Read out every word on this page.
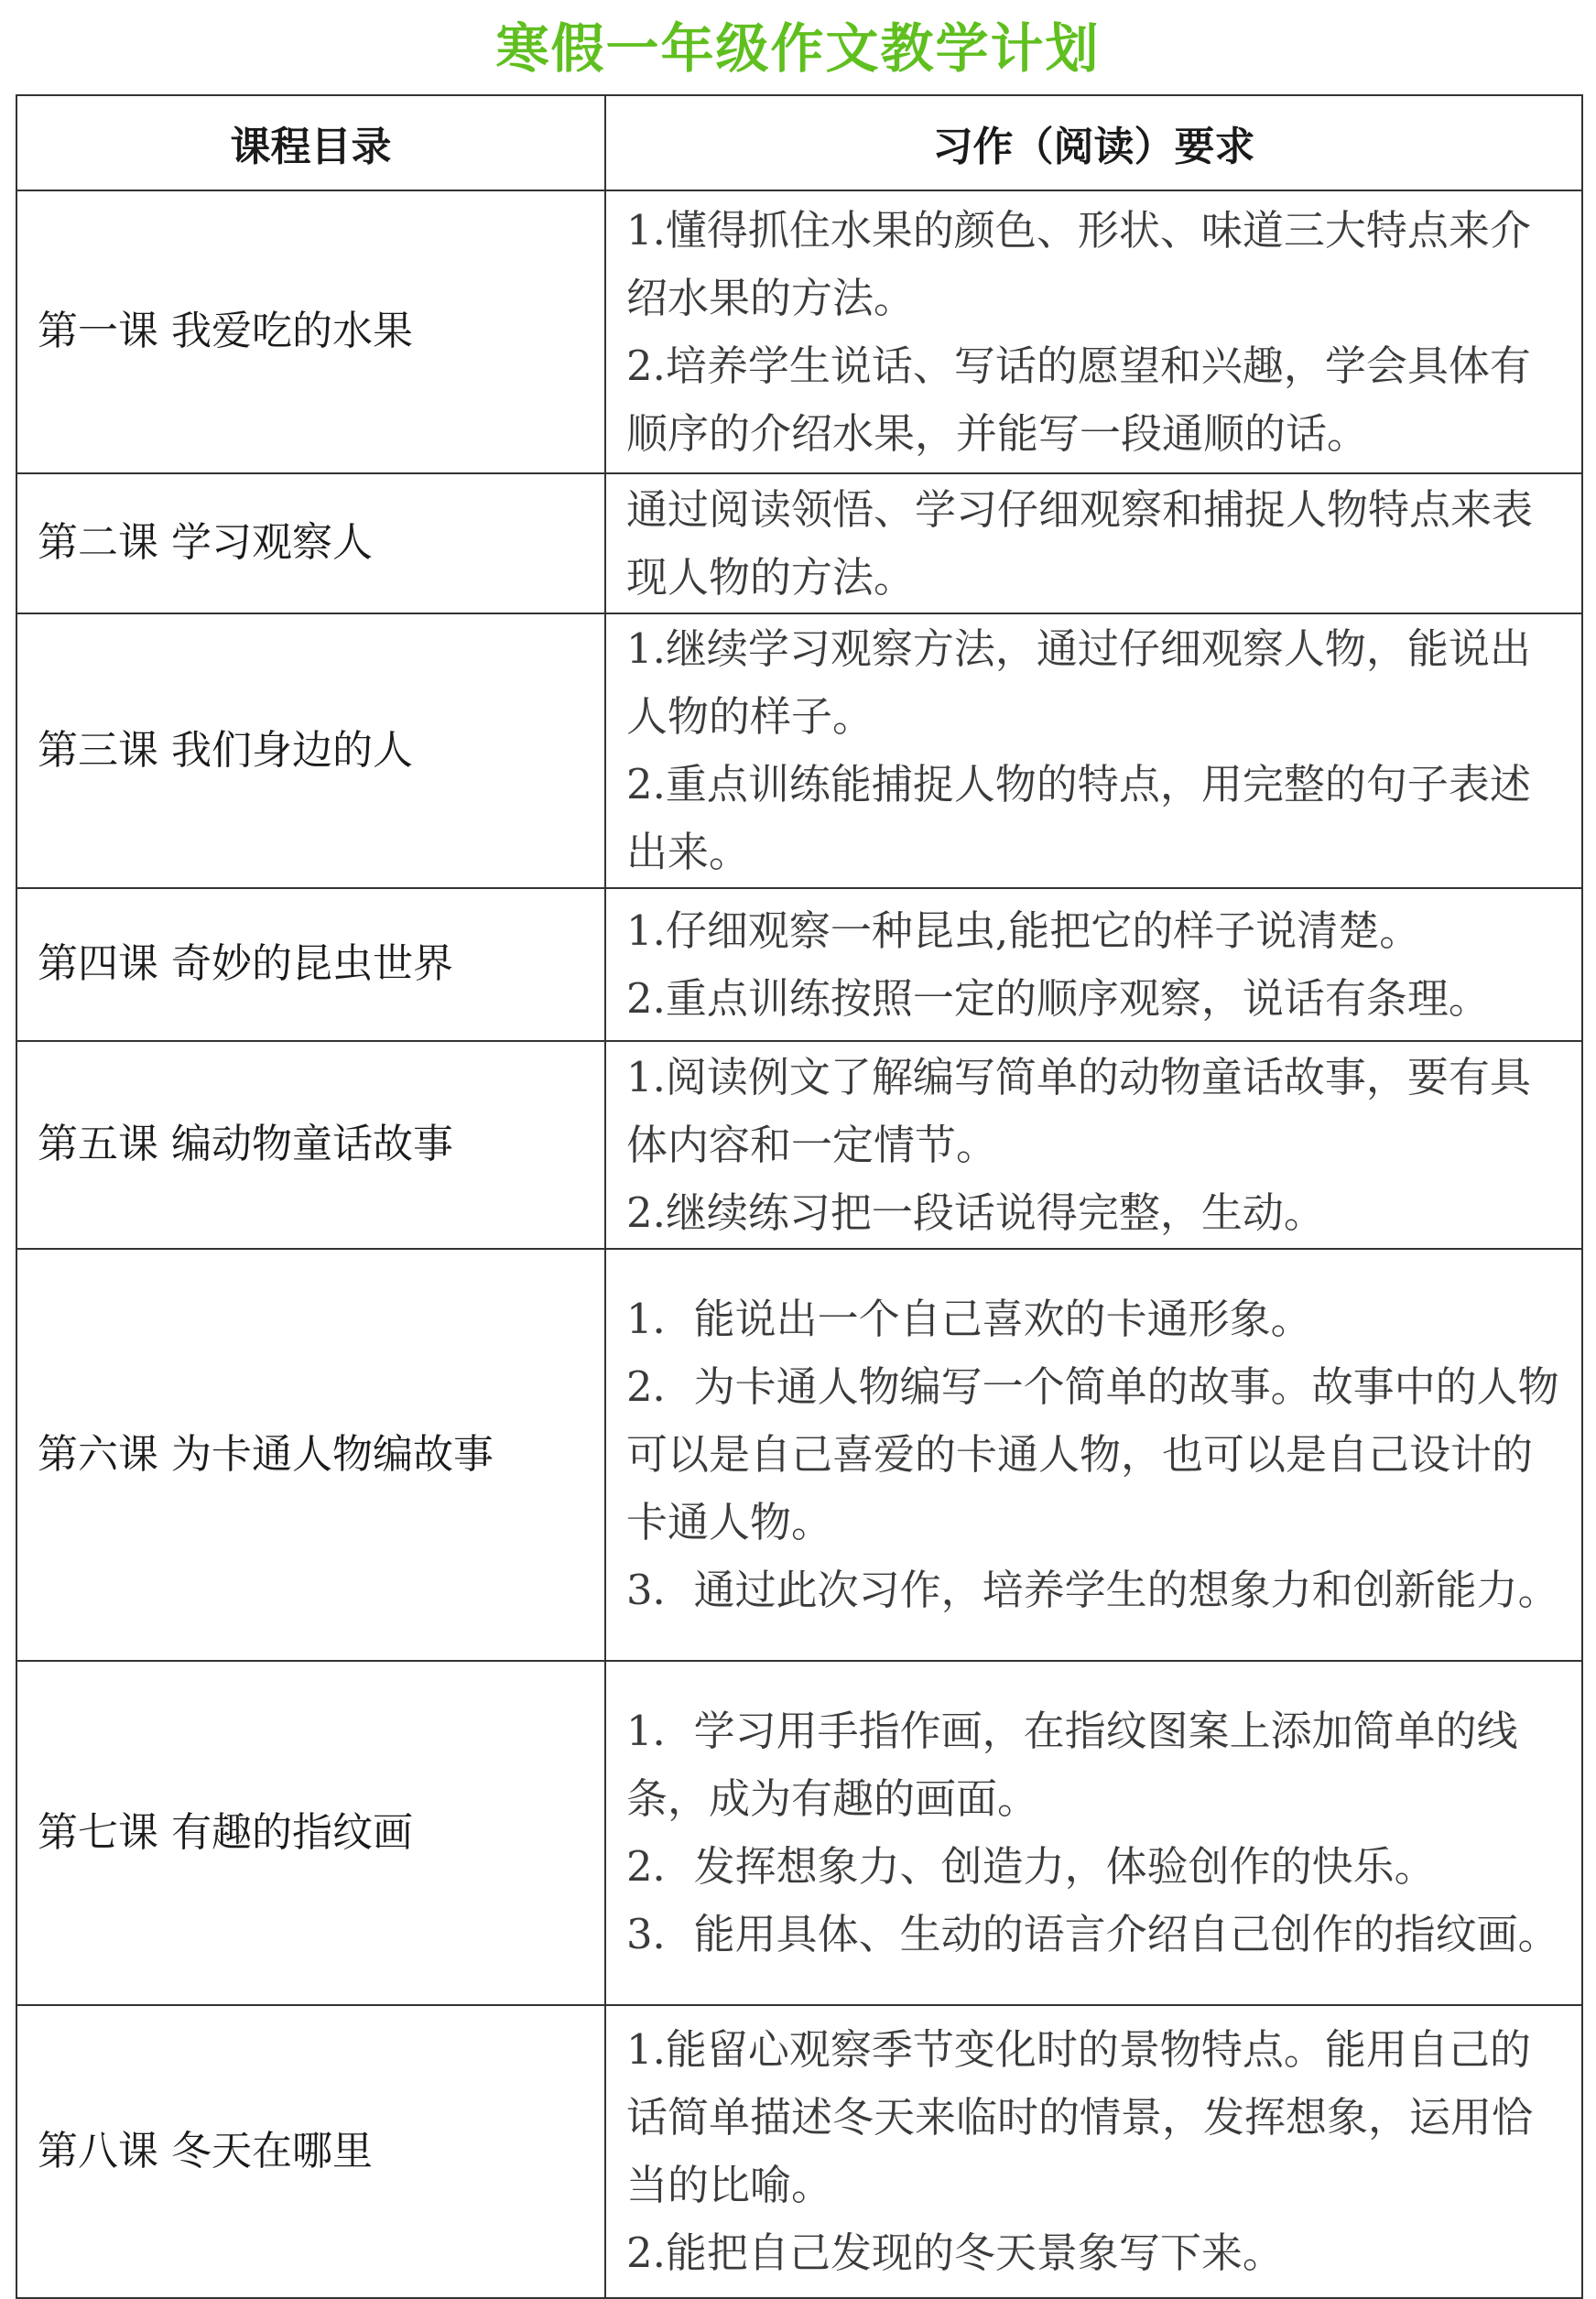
寒假一年级作文教学计划
课程目录	习作（阅读）要求
第一课 我爱吃的水果	1.懂得抓住水果的颜色、形状、味道三大特点来介绍水果的方法。
2.培养学生说话、写话的愿望和兴趣，学会具体有顺序的介绍水果，并能写一段通顺的话。

第二课 学习观察人	通过阅读领悟、学习仔细观察和捕捉人物特点来表现人物的方法。

第三课 我们身边的人	1.继续学习观察方法，通过仔细观察人物，能说出人物的样子。
2.重点训练能捕捉人物的特点，用完整的句子表述出来。

第四课 奇妙的昆虫世界	1.仔细观察一种昆虫,能把它的样子说清楚。
2.重点训练按照一定的顺序观察，说话有条理。

第五课 编动物童话故事	1.阅读例文了解编写简单的动物童话故事，要有具体内容和一定情节。
2.继续练习把一段话说得完整，生动。

第六课 为卡通人物编故事	1．能说出一个自己喜欢的卡通形象。
2．为卡通人物编写一个简单的故事。故事中的人物可以是自己喜爱的卡通人物，也可以是自己设计的卡通人物。
3．通过此次习作，培养学生的想象力和创新能力。

第七课 有趣的指纹画	1．学习用手指作画，在指纹图案上添加简单的线条，成为有趣的画面。
2．发挥想象力、创造力，体验创作的快乐。
3．能用具体、生动的语言介绍自己创作的指纹画。

第八课 冬天在哪里	1.能留心观察季节变化时的景物特点。能用自己的话简单描述冬天来临时的情景，发挥想象，运用恰当的比喻。
2.能把自己发现的冬天景象写下来。
